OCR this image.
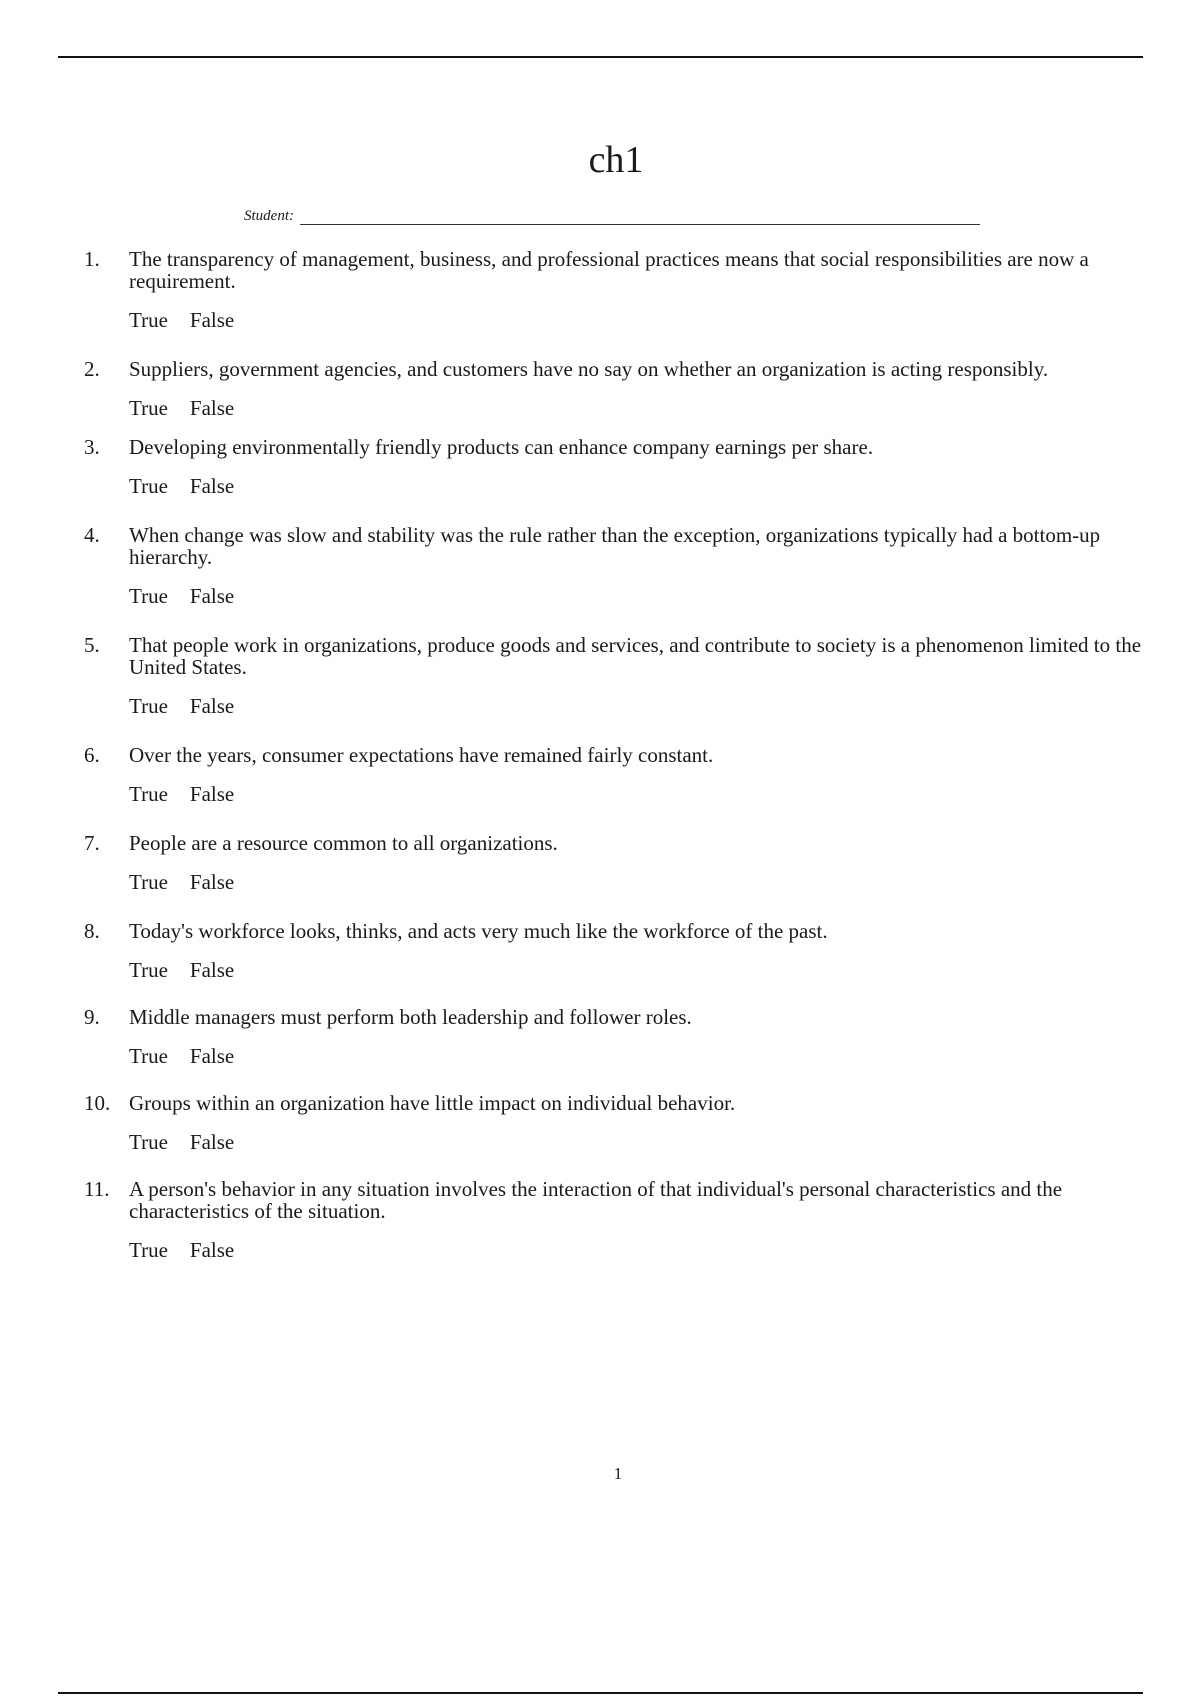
ch1
Student:
1.	The transparency of management, business, and professional practices means that social responsibilities are now a requirement.
True False
2.	Suppliers, government agencies, and customers have no say on whether an organization is acting responsibly.
True False
3.	Developing environmentally friendly products can enhance company earnings per share.
True False
4.	When change was slow and stability was the rule rather than the exception, organizations typically had a bottom-up hierarchy.
True False
5.	That people work in organizations, produce goods and services, and contribute to society is a phenomenon limited to the United States.
True False
6.	Over the years, consumer expectations have remained fairly constant.
True False
7.	People are a resource common to all organizations.
True False
8.	Today's workforce looks, thinks, and acts very much like the workforce of the past.
True False
9.	Middle managers must perform both leadership and follower roles.
True False
10. Groups within an organization have little impact on individual behavior.
True False
11. A person's behavior in any situation involves the interaction of that individual's personal characteristics and the characteristics of the situation.
True False
1
